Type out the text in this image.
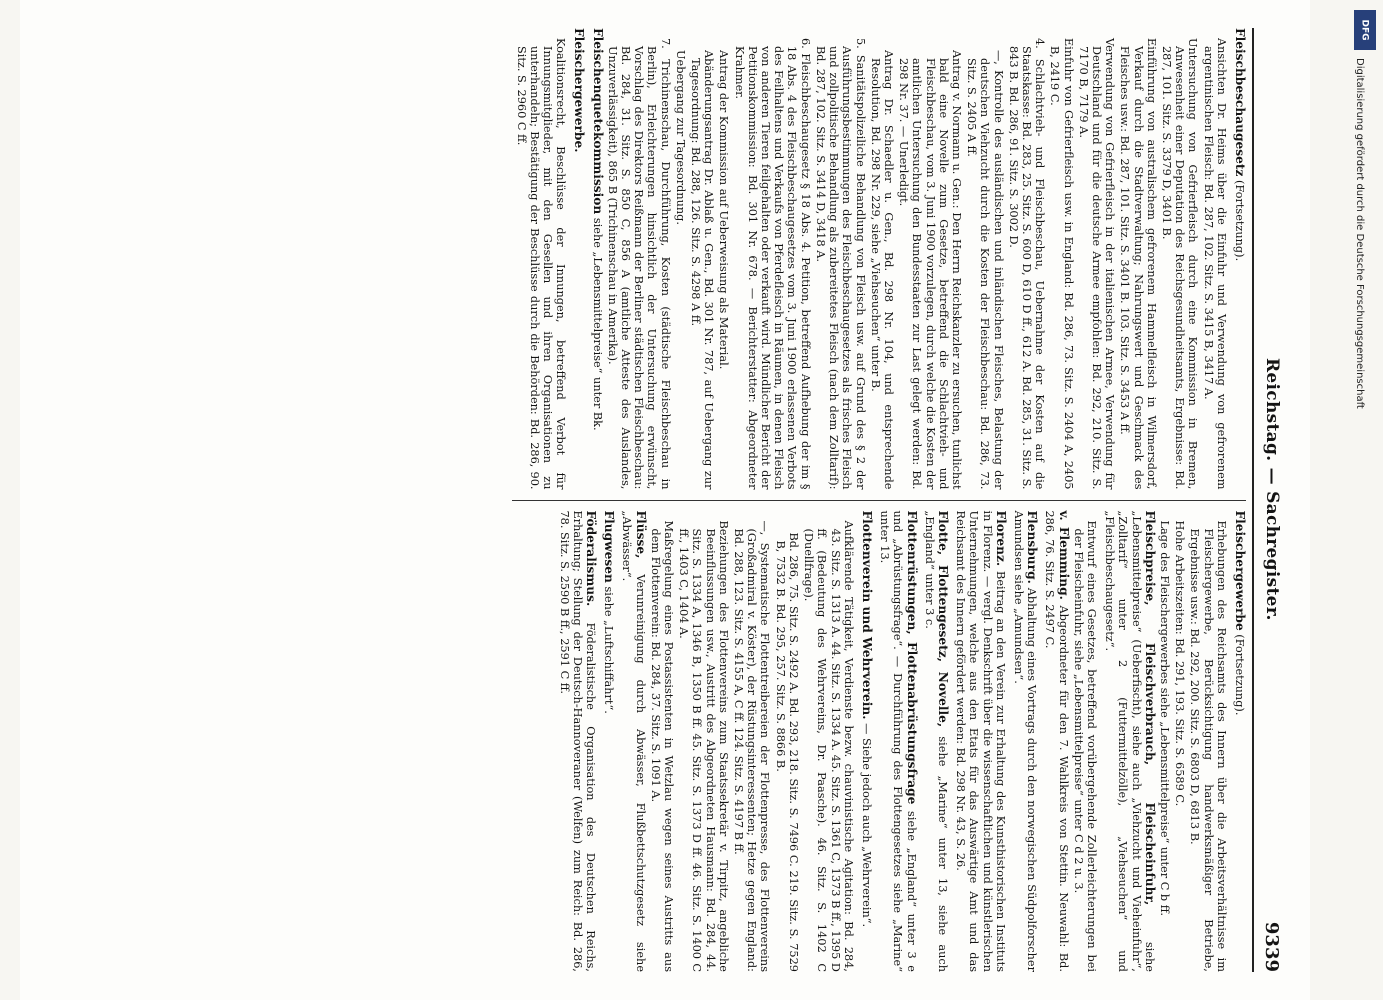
Reichstag. — Sachregister.
9339
Fleischbeschaugesetz (Fortsetzung).

Ansichten Dr. Heims über die Einfuhr und Verwendung von gefrorenem argentinischen Fleisch: Bd. 287, 102. Sitz. S. 3415 B, 3417 A.

Untersuchung von Gefrierfleisch durch eine Kommission in Bremen, Anwesenheit einer Deputation des Reichsgesundheitsamts, Ergebnisse: Bd. 287, 101. Sitz. S. 3379 D, 3401 B.

Einführung von australischem gefrorenem Hammelfleisch in Wilmersdorf, Verkauf durch die Stadtverwaltung; Nahrungswert und Geschmack des Fleisches usw.: Bd. 287, 101. Sitz. S. 3401 B. 103. Sitz. S. 3453 A ff.

Verwendung von Gefrierfleisch in der italienischen Armee, Verwendung für Deutschland und für die deutsche Armee empfohlen: Bd. 292, 210. Sitz. S. 7170 B, 7179 A.

Einfuhr von Gefrierfleisch usw. in England: Bd. 286, 73. Sitz. S. 2404 A, 2405 B, 2419 C.

4. Schlachtvieh- und Fleischbeschau, Uebernahme der Kosten auf die Staatskasse: Bd. 283, 25. Sitz. S. 600 D, 610 D ff., 612 A. Bd. 285, 31. Sitz. S. 843 B. Bd. 286, 91. Sitz. S. 3002 D.

—, Kontrolle des ausländischen und inländischen Fleisches, Belastung der deutschen Viehzucht durch die Kosten der Fleischbeschau: Bd. 286, 73. Sitz. S. 2405 A ff.

Antrag v. Normann u. Gen.: Den Herrn Reichskanzler zu ersuchen, tunlichst bald eine Novelle zum Gesetze, betreffend die Schlachtvieh- und Fleischbeschau, vom 3. Juni 1900 vorzulegen, durch welche die Kosten der amtlichen Untersuchung den Bundesstaaten zur Last gelegt werden: Bd. 298 Nr. 37. — Unerledigt.

Antrag Dr. Schaedler u. Gen., Bd. 298 Nr. 104, und entsprechende Resolution, Bd. 298 Nr. 229, siehe „Viehseuchen“ unter B.

5. Sanitätspolizeiliche Behandlung von Fleisch usw. auf Grund des § 2 der Ausführungsbestimmungen des Fleischbeschaugesetzes als frisches Fleisch und zollpolitische Behandlung als zubereitetes Fleisch (nach dem Zolltarif): Bd. 287, 102. Sitz. S. 3414 D, 3418 A.

6. Fleischbeschaugesetz § 18 Abs. 4. Petition, betreffend Aufhebung der im § 18 Abs. 4 des Fleischbeschaugesetzes vom 3. Juni 1900 erlassenen Verbots des Feilhaltens und Verkaufs von Pferdefleisch in Räumen, in denen Fleisch von anderen Tieren feilgehalten oder verkauft wird. Mündlicher Bericht der Petitionskommission: Bd. 301 Nr. 678. — Berichterstatter: Abgeordneter Krahmer.

Antrag der Kommission auf Ueberweisung als Material.

Abänderungsantrag Dr. Ablaß u. Gen., Bd. 301 Nr. 787, auf Uebergang zur Tagesordnung: Bd. 288, 126. Sitz. S. 4298 A ff.

Uebergang zur Tagesordnung.

7. Trichinenschau, Durchführung, Kosten (städtische Fleischbeschau in Berlin), Erleichterungen hinsichtlich der Untersuchung erwünscht, Vorschlag des Direktors Reißmann der Berliner städtischen Fleischbeschau: Bd. 284, 31. Sitz. S. 850 C, 856 A (amtliche Atteste des Auslandes, Unzuverlässigkeit), 865 B (Trichinenschau in Amerika).

Fleischenquetekommission siehe „Lebensmittelpreise“ unter Bk.
Fleischergewerbe.

Koalitionsrecht, Beschlüsse der Innungen, betreffend Verbot für Innungsmitglieder, mit den Gesellen und ihren Organisationen zu unterhandeln; Bestätigung der Beschlüsse durch die Behörden: Bd. 286, 90. Sitz. S. 2960 C ff.

Fleischergewerbe (Fortsetzung).

Erhebungen des Reichsamts des Innern über die Arbeitsverhältnisse im Fleischergewerbe, Berücksichtigung handwerksmäßiger Betriebe, Ergebnisse usw.: Bd. 292, 200. Sitz. S. 6803 D, 6813 B.

Hohe Arbeitszeiten: Bd. 291, 193. Sitz. S. 6589 C.

Lage des Fleischergewerbes siehe „Lebensmittelpreise“ unter C b ff.

Fleischpreise, Fleischverbrauch, Fleischeinfuhr, siehe „Lebensmittelpreise“ (Ueberfischt), siehe auch „Viehzucht und Vieheinfuhr“, „Zolltarif“ unter 2 (Futtermittelzölle), „Viehseuchen“ und „Fleischbeschaugesetz“.

Entwurf eines Gesetzes, betreffend vorübergehende Zollerleichterungen bei der Fleischeinfuhr, siehe „Lebensmittelpreise“ unter C d 2 u. 3.

v. Flemming. Abgeordneter für den 7. Wahlkreis von Stettin. Neuwahl: Bd. 286, 76. Sitz. S. 2497 C.
Flensburg. Abhaltung eines Vortrags durch den norwegischen Südpolforscher Amundsen siehe „Amundsen“.
Florenz. Beitrag an den Verein zur Erhaltung des Kunsthistorischen Instituts in Florenz. — vergl. Denkschrift über die wissenschaftlichen und künstlerischen Unternehmungen, welche aus den Etats für das Auswärtige Amt und das Reichsamt des Innern gefördert werden: Bd. 298 Nr. 43, S. 26.
Flotte, Flottengesetz, Novelle, siehe „Marine“ unter 13, siehe auch „England“ unter 3 c.
Flottenrüstungen, Flottenabrüstungsfrage siehe „England“ unter 3 e und „Abrüstungsfrage“. — Durchführung des Flottengesetzes siehe „Marine“ unter 13.
Flottenverein und Wehrverein. — Siehe jedoch auch „Wehrverein“.

Aufklärende Tätigkeit, Verdienste bezw. chauvinistische Agitation: Bd. 284, 43. Sitz. S. 1313 A. 44. Sitz. S. 1334 A. 45. Sitz. S. 1361 C, 1373 B ff., 1395 D ff. (Bedeutung des Wehrvereins, Dr. Paasche). 46. Sitz. S. 1402 C (Duellfrage).

Bd. 286, 75. Sitz. S. 2492 A. Bd. 293, 218. Sitz. S. 7496 C. 219. Sitz. S. 7529 B, 7532 B. Bd. 295, 257. Sitz. S. 8866 B.

—, Systematische Flottentreibereien der Flottenpresse, des Flottenvereins (Großadmiral v. Köster), der Rüstungsinteressenten; Hetze gegen England: Bd. 288, 123. Sitz. S. 4155 A, C ff. 124. Sitz. S. 4197 B ff.

Beziehungen des Flottenvereins zum Staatssekretär v. Tirpitz, angebliche Beeinflussungen usw., Austritt des Abgeordneten Hausmann: Bd. 284, 44. Sitz. S. 1334 A, 1346 B, 1350 B ff. 45. Sitz. S. 1373 D ff. 46. Sitz. S. 1400 C ff., 1403 C, 1404 A.

Maßregelung eines Postassistenten in Wetzlau wegen seines Austritts aus dem Flottenverein: Bd. 284, 37. Sitz. S. 1091 A.

Flüsse, Verunreinigung durch Abwässer, Flußbettschutzgesetz siehe „Abwässer“.
Flugwesen siehe „Luftschiffahrt“.
Föderalismus. Föderalistische Organisation des Deutschen Reichs, Erhaltung; Stellung der Deutsch-Hannoveraner (Welfen) zum Reich: Bd. 286, 78. Sitz. S. 2590 B ff., 2591 C ff.
DFG
Digitalisierung gefördert durch die Deutsche Forschungsgemeinschaft
